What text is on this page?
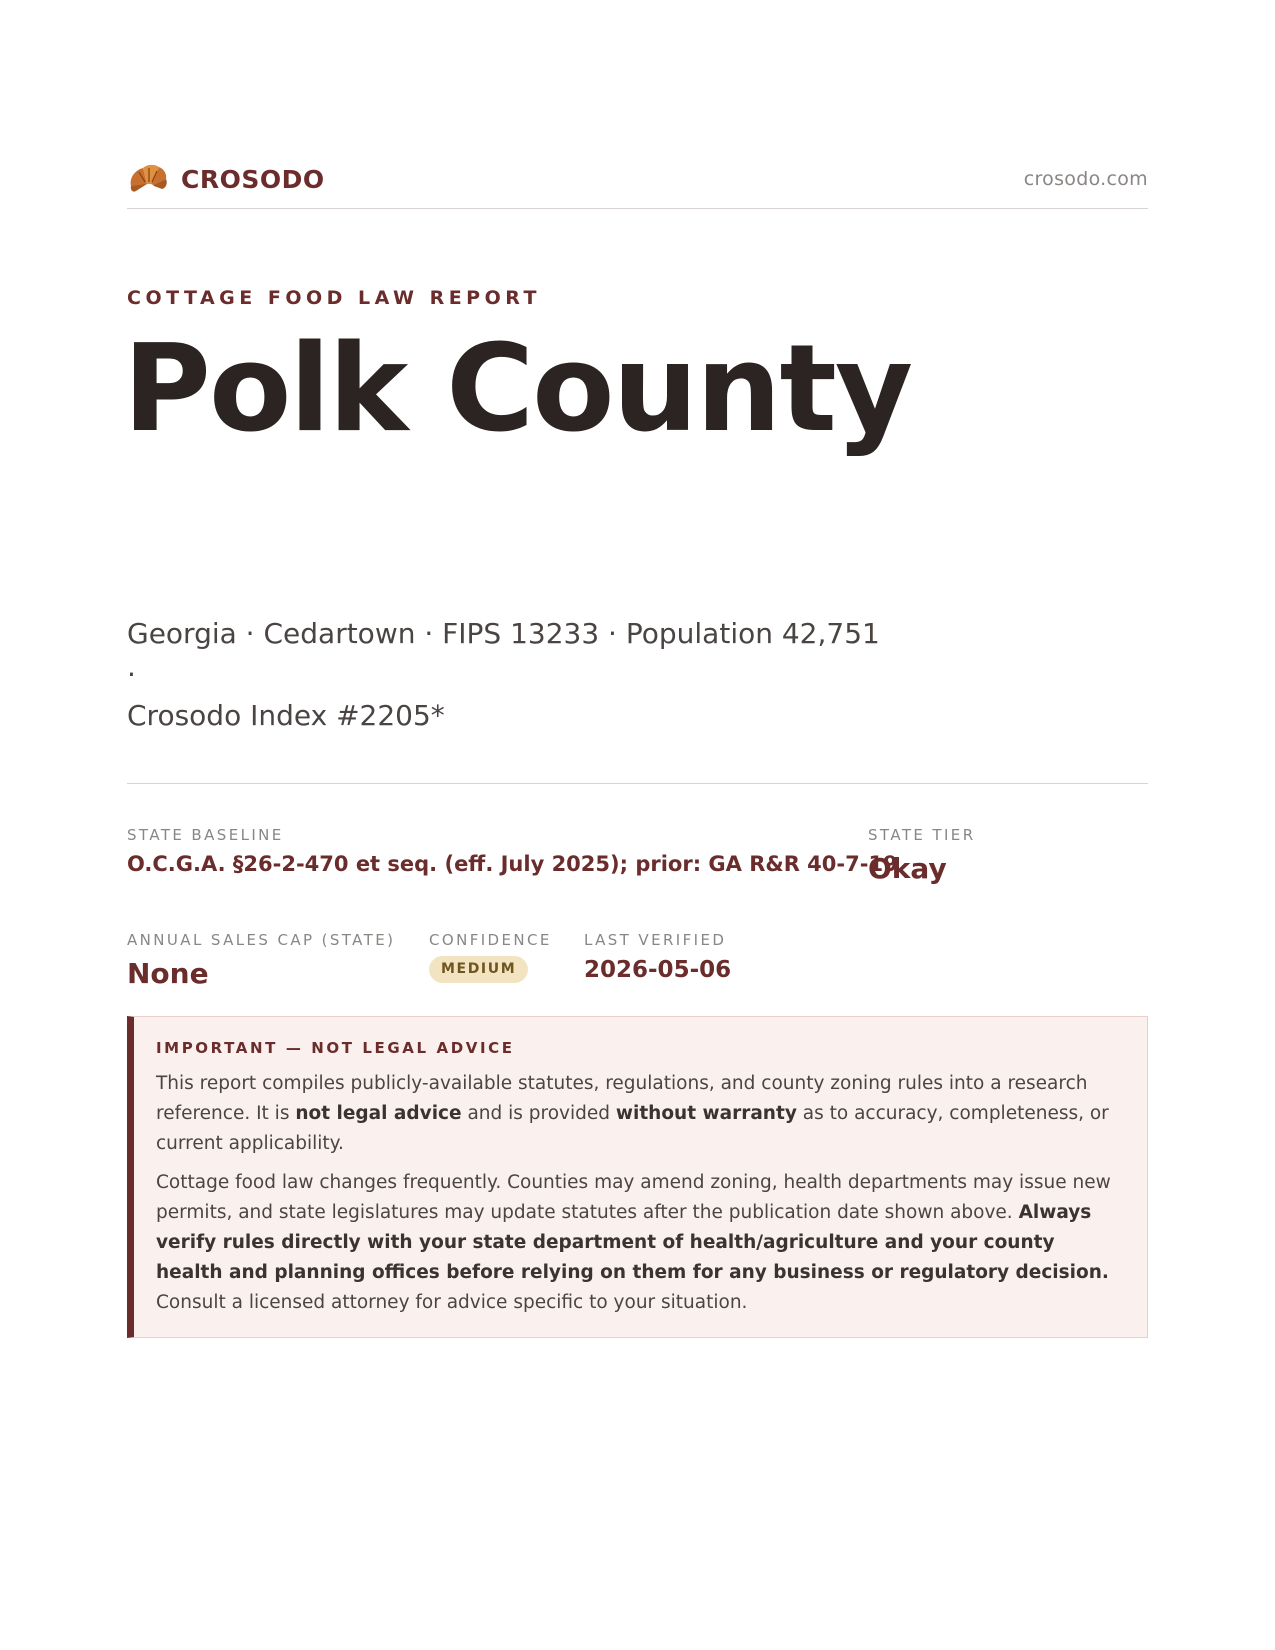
CROSODO	crosodo.com
COTTAGE FOOD LAW REPORT
Polk County
Georgia · Cedartown · FIPS 13233 · Population 42,751 ·
Crosodo Index #2205*
STATE BASELINE
O.C.G.A. §26-2-470 et seq. (eff. July 2025); prior: GA R&R 40-7-19
STATE TIER
Okay
ANNUAL SALES CAP (STATE)
None
CONFIDENCE
MEDIUM
LAST VERIFIED
2026-05-06
IMPORTANT — NOT LEGAL ADVICE

This report compiles publicly-available statutes, regulations, and county zoning rules into a research reference. It is not legal advice and is provided without warranty as to accuracy, completeness, or current applicability.

Cottage food law changes frequently. Counties may amend zoning, health departments may issue new permits, and state legislatures may update statutes after the publication date shown above. Always verify rules directly with your state department of health/agriculture and your county health and planning offices before relying on them for any business or regulatory decision. Consult a licensed attorney for advice specific to your situation.
